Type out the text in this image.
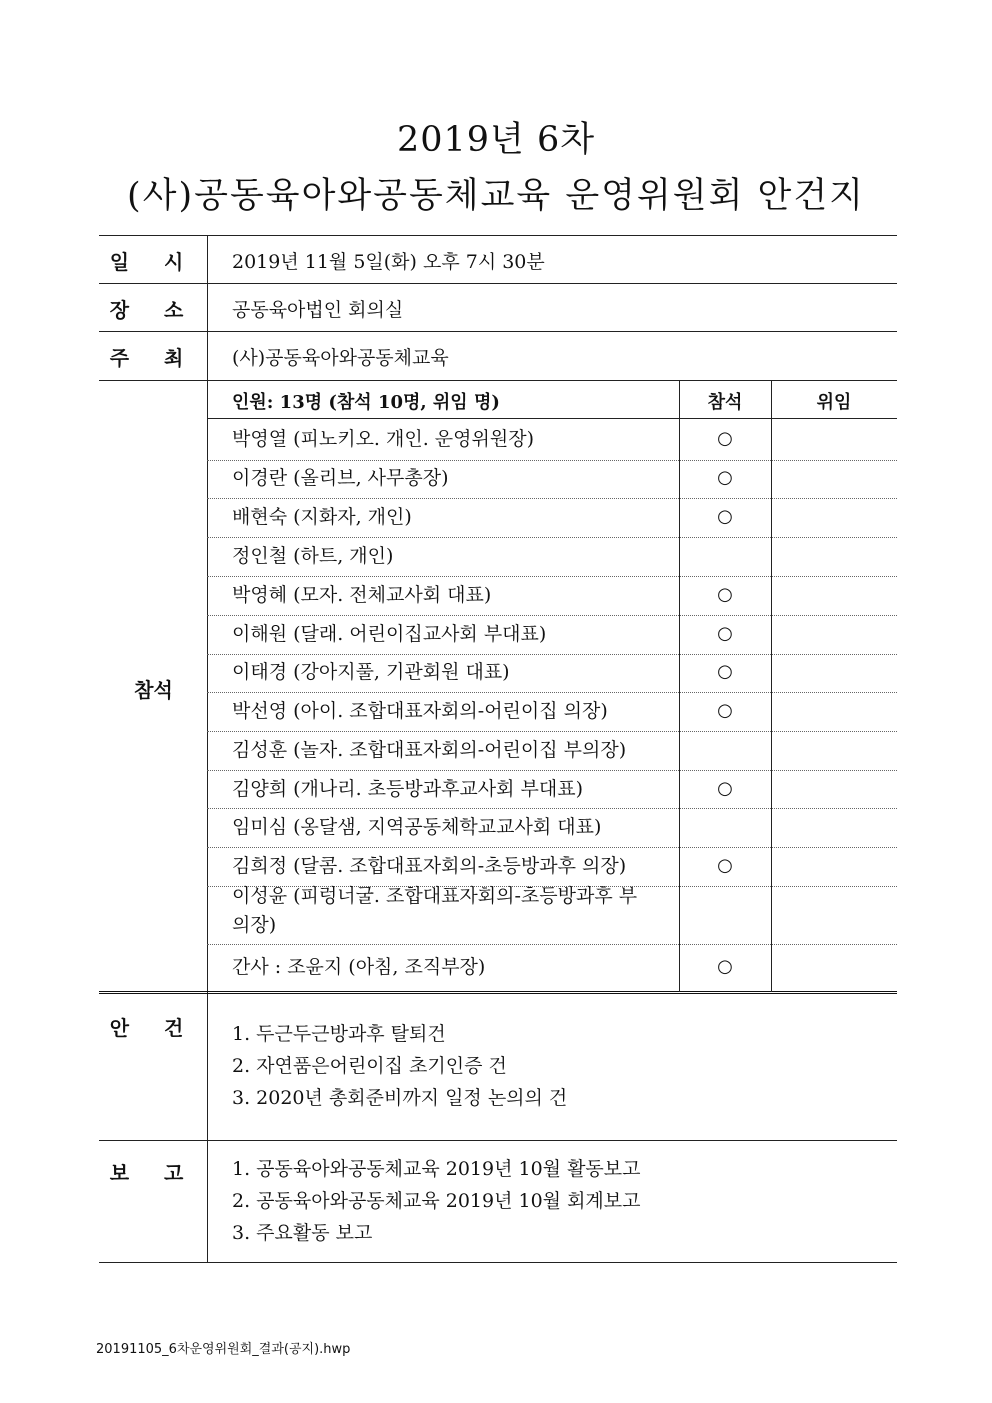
2019년 6차
(사)공동육아와공동체교육 운영위원회 안건지
일 시	2019년 11월 5일(화) 오후 7시 30분
장 소	공동육아법인 회의실
주 최	(사)공동육아와공동체교육
참석
인원: 13명 (참석 10명, 위임 명)	참석	위임
박영열 (피노키오. 개인. 운영위원장)	○
이경란 (올리브, 사무총장)	○
배현숙 (지화자, 개인)	○
정인철 (하트, 개인)
박영혜 (모자. 전체교사회 대표)	○
이해원 (달래. 어린이집교사회 부대표)	○
이태경 (강아지풀, 기관회원 대표)	○
박선영 (아이. 조합대표자회의-어린이집 의장)	○
김성훈 (놀자. 조합대표자회의-어린이집 부의장)
김양희 (개나리. 초등방과후교사회 부대표)	○
임미심 (옹달샘, 지역공동체학교교사회 대표)
김희정 (달콤. 조합대표자회의-초등방과후 의장)	○
이성윤 (피렁너굴. 조합대표자회의-초등방과후 부의장)
간사 : 조윤지 (아침, 조직부장)	○
안 건	1. 두근두근방과후 탈퇴건
2. 자연품은어린이집 초기인증 건
3. 2020년 총회준비까지 일정 논의의 건
보 고	1. 공동육아와공동체교육 2019년 10월 활동보고
2. 공동육아와공동체교육 2019년 10월 회계보고
3. 주요활동 보고
20191105_6차운영위원회_결과(공지).hwp
